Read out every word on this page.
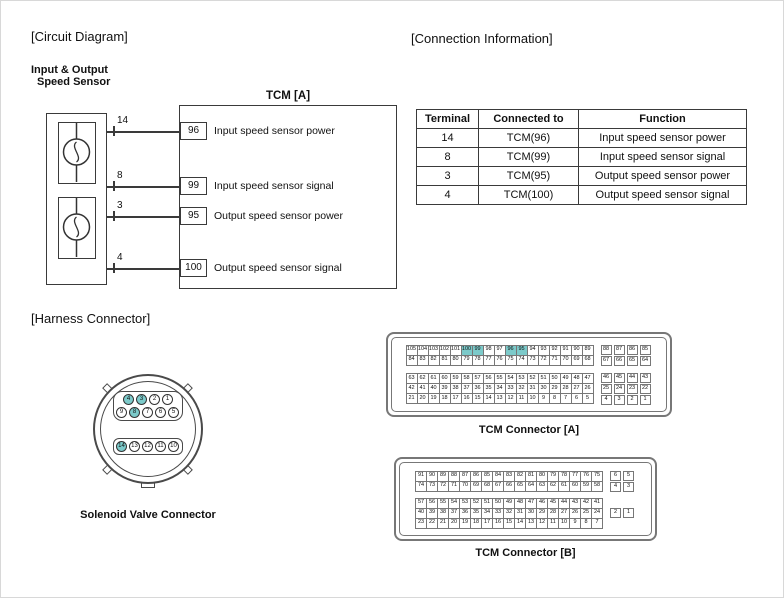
[Circuit Diagram]	[Connection Information]
[Harness Connector]
Input & Output
Speed Sensor
TCM [A]
14
96	Input speed sensor power
8
99	Input speed sensor signal
3
95	Output speed sensor power
4
100	Output speed sensor signal
Terminal	Connected to	Function
14	TCM(96)	Input speed sensor power
8	TCM(99)	Input speed sensor signal
3	TCM(95)	Output speed sensor power
4	TCM(100)	Output speed sensor signal
4	3	2	1
9	8	7	6	5
14	13	12	11	10
Solenoid Valve Connector
105	104	103	102	101	100	99	98	97	96	95	94	93	92	91	90	89
84	83	82	81	80	79	78	77	76	75	74	73	72	71	70	69	68
88	87	86	85
67	66	65	64
63	62	61	60	59	58	57	56	55	54	53	52	51	50	49	48	47
42	41	40	39	38	37	36	35	34	33	32	31	30	29	28	27	26
21	20	19	18	17	16	15	14	13	12	11	10	9	8	7	6	5
46	45	44	43
25	24	23	22
4	3	2	1
TCM Connector [A]
91	90	89	88	87	86	85	84	83	82	81	80	79	78	77	76	75
74	73	72	71	70	69	68	67	66	65	64	63	62	61	60	59	58
6	5
4	3
57	56	55	54	53	52	51	50	49	48	47	46	45	44	43	42	41
40	39	38	37	36	35	34	33	32	31	30	29	28	27	26	25	24
23	22	21	20	19	18	17	16	15	14	13	12	11	10	9	8	7
2	1
TCM Connector [B]
